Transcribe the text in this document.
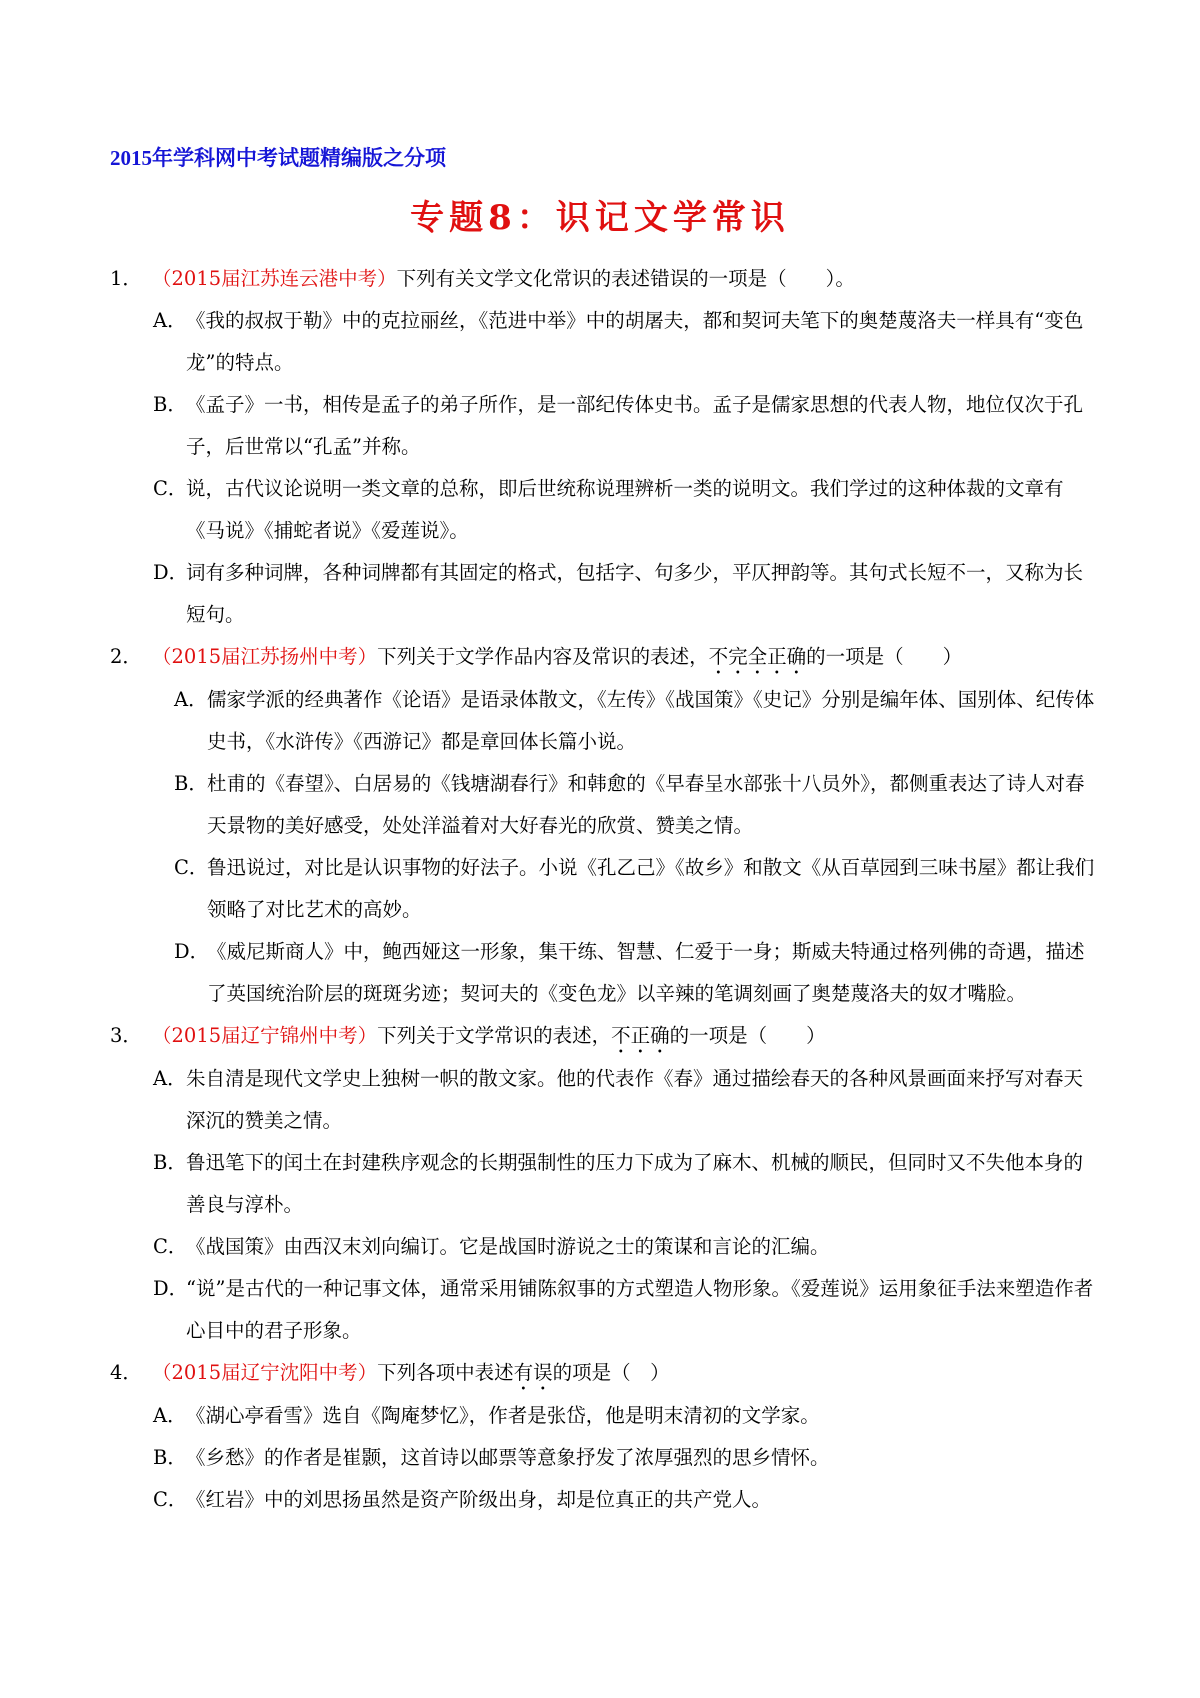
2015年学科网中考试题精编版之分项
专题8：识记文学常识
1． （2015届江苏连云港中考）下列有关文学文化常识的表述错误的一项是（　　）。
A．《我的叔叔于勒》中的克拉丽丝，《范进中举》中的胡屠夫，都和契诃夫笔下的奥楚蔑洛夫一样具有“变色龙”的特点。
B．《孟子》一书，相传是孟子的弟子所作，是一部纪传体史书。孟子是儒家思想的代表人物，地位仅次于孔子，后世常以“孔孟”并称。
C．说，古代议论说明一类文章的总称，即后世统称说理辨析一类的说明文。我们学过的这种体裁的文章有《马说》《捕蛇者说》《爱莲说》。
D．词有多种词牌，各种词牌都有其固定的格式，包括字、句多少，平仄押韵等。其句式长短不一，又称为长短句。
2． （2015届江苏扬州中考）下列关于文学作品内容及常识的表述，不完全正确的一项是（　　）
A．儒家学派的经典著作《论语》是语录体散文，《左传》《战国策》《史记》分别是编年体、国别体、纪传体史书，《水浒传》《西游记》都是章回体长篇小说。
B．杜甫的《春望》、白居易的《钱塘湖春行》和韩愈的《早春呈水部张十八员外》，都侧重表达了诗人对春天景物的美好感受，处处洋溢着对大好春光的欣赏、赞美之情。
C．鲁迅说过，对比是认识事物的好法子。小说《孔乙己》《故乡》和散文《从百草园到三味书屋》都让我们领略了对比艺术的高妙。
D．《威尼斯商人》中，鲍西娅这一形象，集干练、智慧、仁爱于一身；斯威夫特通过格列佛的奇遇，描述了英国统治阶层的斑斑劣迹；契诃夫的《变色龙》以辛辣的笔调刻画了奥楚蔑洛夫的奴才嘴脸。
3． （2015届辽宁锦州中考）下列关于文学常识的表述，不正确的一项是（　　）
A．朱自清是现代文学史上独树一帜的散文家。他的代表作《春》通过描绘春天的各种风景画面来抒写对春天深沉的赞美之情。
B．鲁迅笔下的闰土在封建秩序观念的长期强制性的压力下成为了麻木、机械的顺民，但同时又不失他本身的善良与淳朴。
C．《战国策》由西汉末刘向编订。它是战国时游说之士的策谋和言论的汇编。
D．“说”是古代的一种记事文体，通常采用铺陈叙事的方式塑造人物形象。《爱莲说》运用象征手法来塑造作者心目中的君子形象。
4． （2015届辽宁沈阳中考）下列各项中表述有误的项是（　）
A．《湖心亭看雪》选自《陶庵梦忆》，作者是张岱，他是明末清初的文学家。
B．《乡愁》的作者是崔颢，这首诗以邮票等意象抒发了浓厚强烈的思乡情怀。
C．《红岩》中的刘思扬虽然是资产阶级出身，却是位真正的共产党人。
